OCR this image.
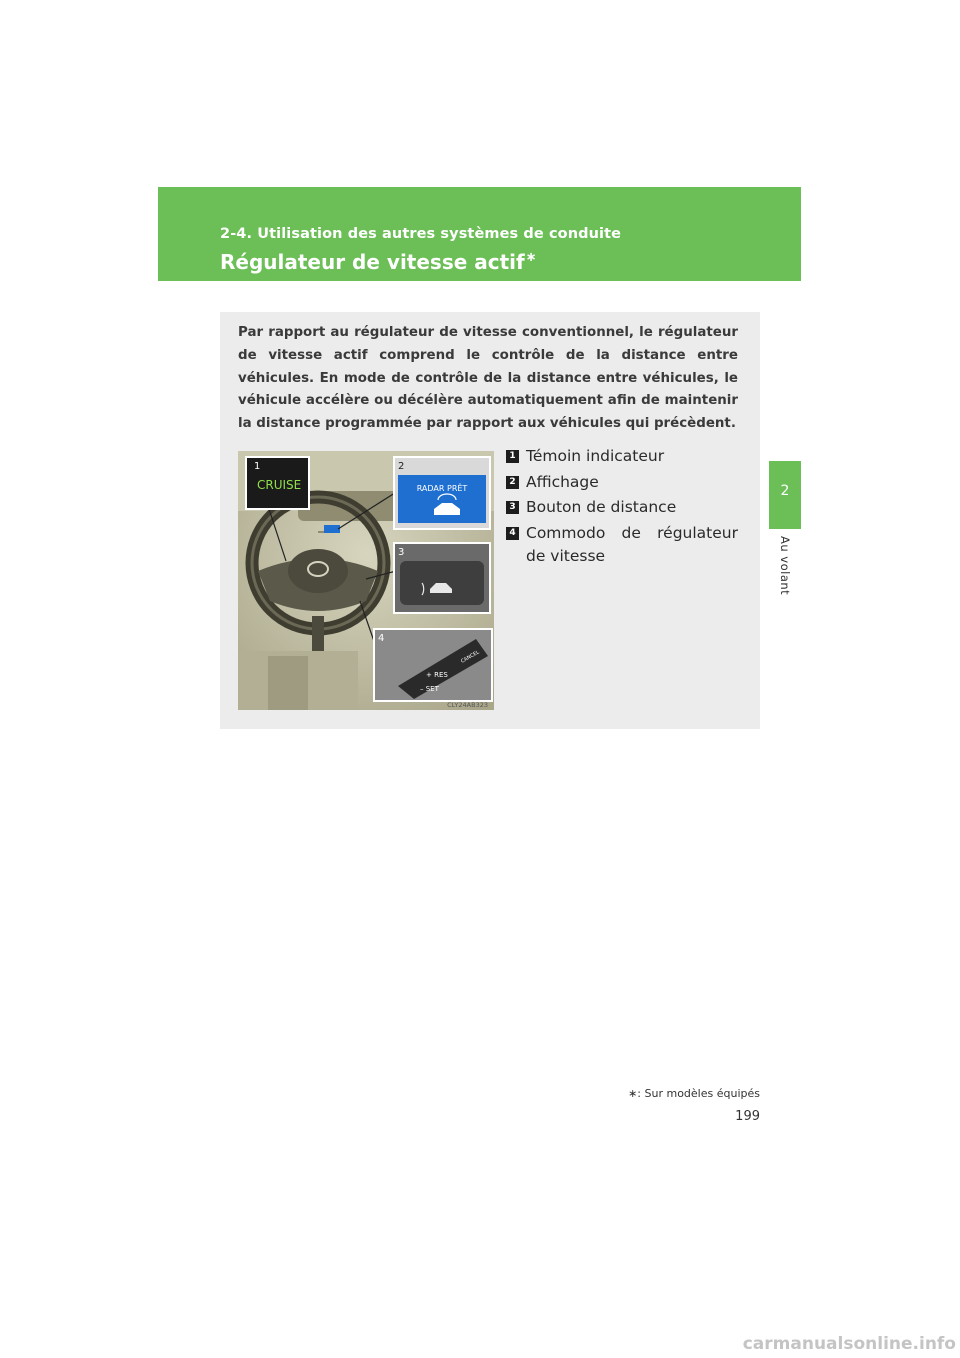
2-4. Utilisation des autres systèmes de conduite
Régulateur de vitesse actif∗
2
Au volant
Par rapport au régulateur de vitesse conventionnel, le régulateur de vitesse actif comprend le contrôle de la distance entre véhicules. En mode de contrôle de la distance entre véhicules, le véhicule accélère ou décélère automatiquement afin de maintenir la distance programmée par rapport aux véhicules qui précèdent.
1
CRUISE
2
RADAR PRÊT
3
4
+ RES
– SET
CANCEL
CLY24AB323
1 Témoin indicateur
2 Affichage
3 Bouton de distance
4 Commodo de régulateur de vitesse
∗: Sur modèles équipés
199
carmanualsonline.info
